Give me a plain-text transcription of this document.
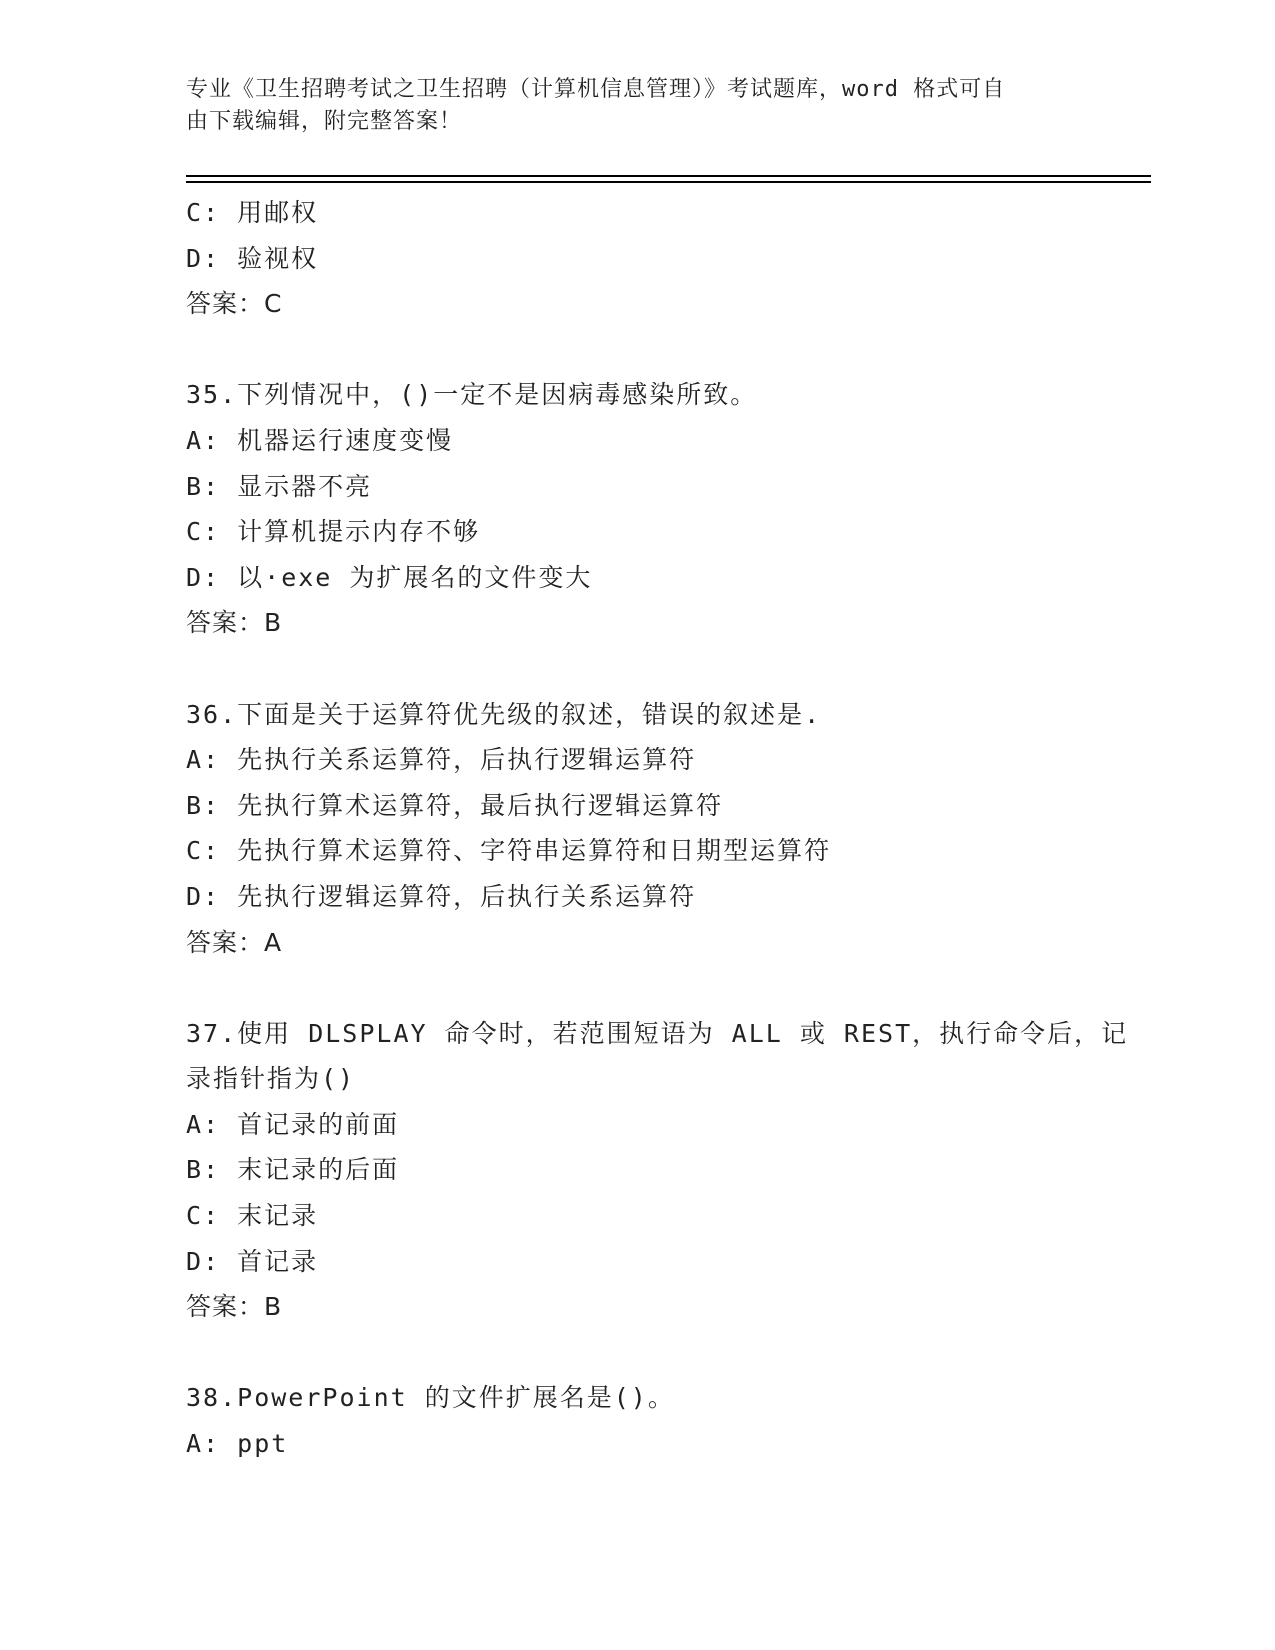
专业《卫生招聘考试之卫生招聘（计算机信息管理）》考试题库，word 格式可自
由下载编辑，附完整答案！
C: 用邮权
D: 验视权
答案：C
35.下列情况中，()一定不是因病毒感染所致。
A: 机器运行速度变慢
B: 显示器不亮
C: 计算机提示内存不够
D: 以·exe 为扩展名的文件变大
答案：B
36.下面是关于运算符优先级的叙述，错误的叙述是.
A: 先执行关系运算符，后执行逻辑运算符
B: 先执行算术运算符，最后执行逻辑运算符
C: 先执行算术运算符、字符串运算符和日期型运算符
D: 先执行逻辑运算符，后执行关系运算符
答案：A
37.使用 DLSPLAY 命令时，若范围短语为 ALL 或 REST，执行命令后，记
录指针指为()
A: 首记录的前面
B: 末记录的后面
C: 末记录
D: 首记录
答案：B
38.PowerPoint 的文件扩展名是()。
A: ppt
